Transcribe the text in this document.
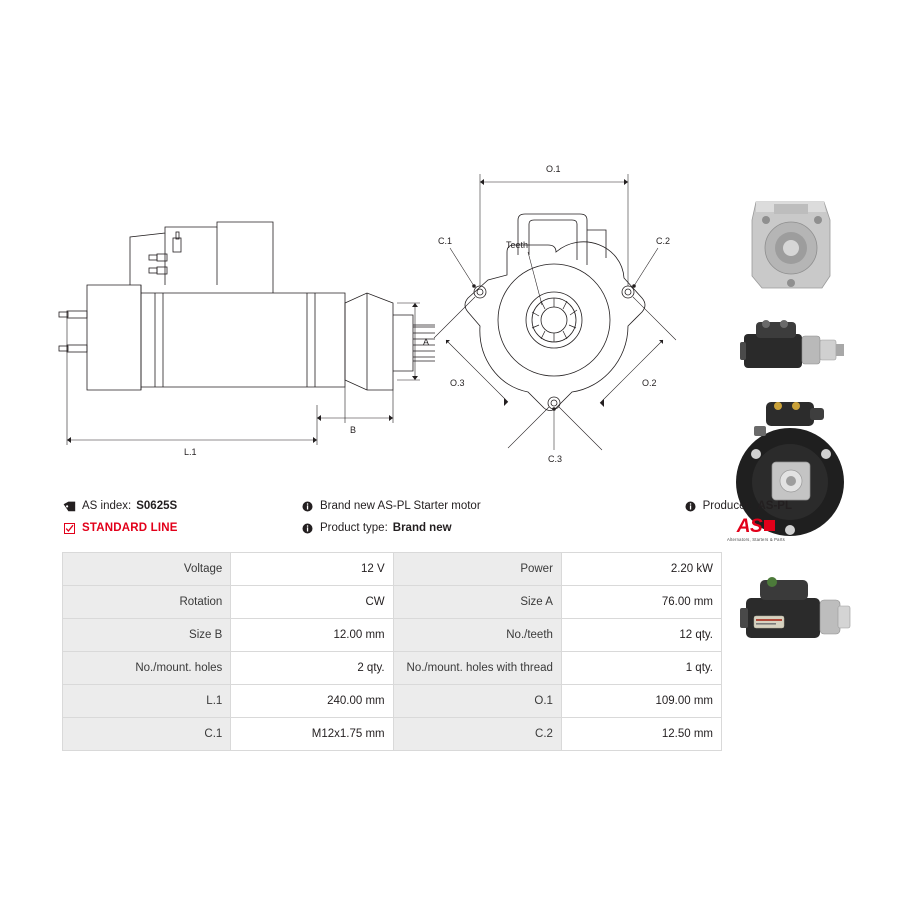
A
B
L.1
O.1
O.2
O.3
C.1	C.2
C.3
Teeth
AS index: S0625S
STANDARD LINE
Brand new AS-PL Starter motor
Product type: Brand new
Producer: AS-PL
AS
Alternators, Starters & Parts
Voltage	12 V	Power	2.20 kW
Rotation	CW	Size A	76.00 mm
Size B	12.00 mm	No./teeth	12 qty.
No./mount. holes	2 qty.	No./mount. holes with thread	1 qty.
L.1	240.00 mm	O.1	109.00 mm
C.1	M12x1.75 mm	C.2	12.50 mm
